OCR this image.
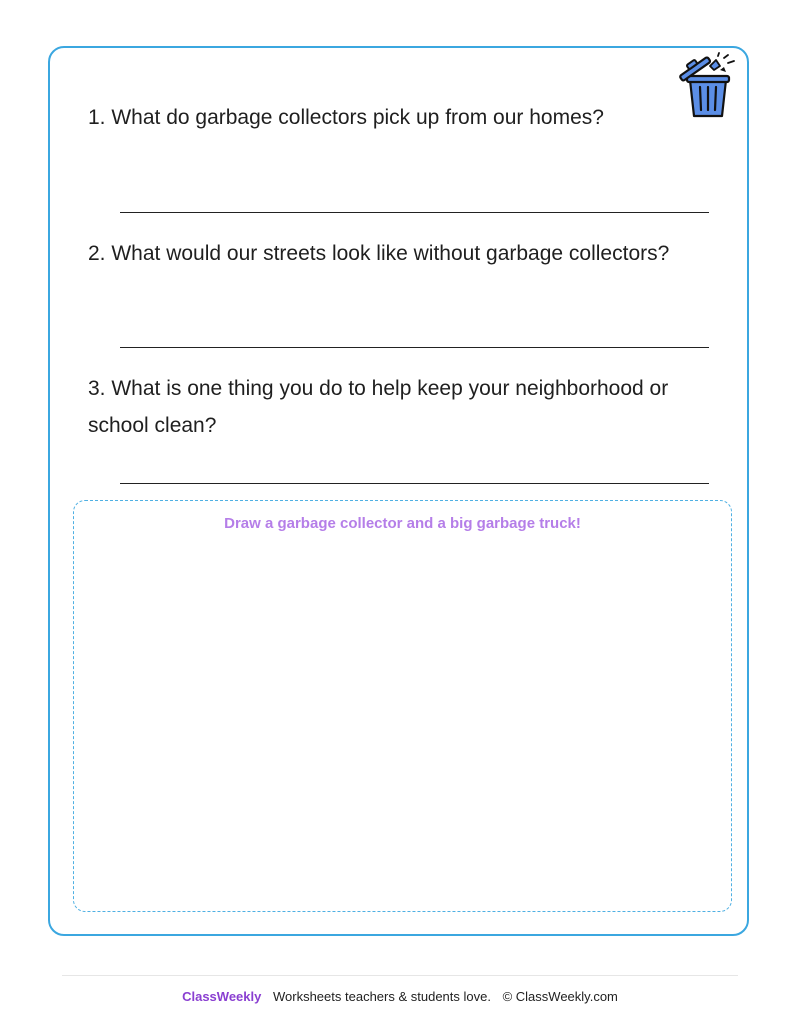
1. What do garbage collectors pick up from our homes?
2. What would our streets look like without garbage collectors?
3. What is one thing you do to help keep your neighborhood or school clean?
Draw a garbage collector and a big garbage truck!
ClassWeekly Worksheets teachers & students love. © ClassWeekly.com
